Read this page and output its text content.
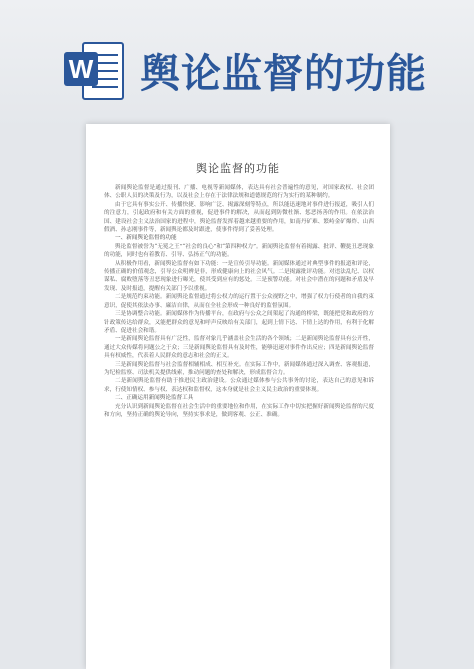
W 舆论监督的功能
舆论监督的功能

新闻舆论监督是通过报刊、广播、电视等新闻媒体，表达具有社会普遍性的意见，对国家政权、社会团体、公职人员的决策及行为，以及社会上存在于法律法规和道德规范的行为实行的某种制约。

由于它具有事实公开、传播快捷、影响广泛、揭露深刻等特点，所以能迅速地对事件进行报道，吸引人们的注意力，引起政府和有关方面的重视，促进事件的解决，从而起到防微杜渐、惩恶扬善的作用。在依法治国、建设社会主义法治国家的进程中，舆论监督发挥着越来越重要的作用，如南丹矿难、繁峙金矿爆炸、山西假酒、孙志刚事件等，新闻舆论都及时跟进，使事件得到了妥善处理。

一、新闻舆论监督的功能

舆论监督被誉为“无冕之王”“社会的良心”和“第四种权力”。新闻舆论监督有着揭露、批评、鞭挞丑恶现象的功能，同时也有着教育、引导、弘扬正气的功能。

从积极作用看，新闻舆论监督有如下功能：一是宣传引导功能。新闻媒体通过对典型事件的报道和评论，传播正确的价值观念，引导公众明辨是非，形成健康向上的社会风气。二是揭露批评功能。对违法乱纪、以权谋私、腐败堕落等丑恶现象进行曝光，使其受到应有的惩处。三是预警功能。对社会中潜在的问题和矛盾及早发现、及时报道，提醒有关部门予以重视。

二是规范约束功能。新闻舆论监督通过将公权力的运行置于公众视野之中，增强了权力行使者的自我约束意识，促使其依法办事、廉洁自律，从而在全社会形成一种良好的监督氛围。

三是协调整合功能。新闻媒体作为传播平台，在政府与公众之间架起了沟通的桥梁，既能把党和政府的方针政策传达给群众，又能把群众的意见和呼声反映给有关部门，起到上情下达、下情上达的作用，有利于化解矛盾、促进社会和谐。

一是新闻舆论监督具有广泛性，监督对象几乎涵盖社会生活的各个领域；二是新闻舆论监督具有公开性，通过大众传媒将问题公之于众；三是新闻舆论监督具有及时性，能够迅速对事件作出反应；四是新闻舆论监督具有权威性，代表着人民群众的意志和社会的正义。

三是新闻舆论监督与社会监督相辅相成、相互补充。在实际工作中，新闻媒体通过深入调查、客观报道，为纪检监察、司法机关提供线索，推动问题的查处和解决，形成监督合力。

二是新闻舆论监督有助于推进民主政治建设。公众通过媒体参与公共事务的讨论，表达自己的意见和诉求，行使知情权、参与权、表达权和监督权，这本身就是社会主义民主政治的重要体现。

二、正确运用新闻舆论监督工具

充分认识到新闻舆论监督在社会生活中的重要地位和作用，在实际工作中切实把握好新闻舆论监督的尺度和方向，坚持正确的舆论导向，坚持实事求是，做到客观、公正、准确。
